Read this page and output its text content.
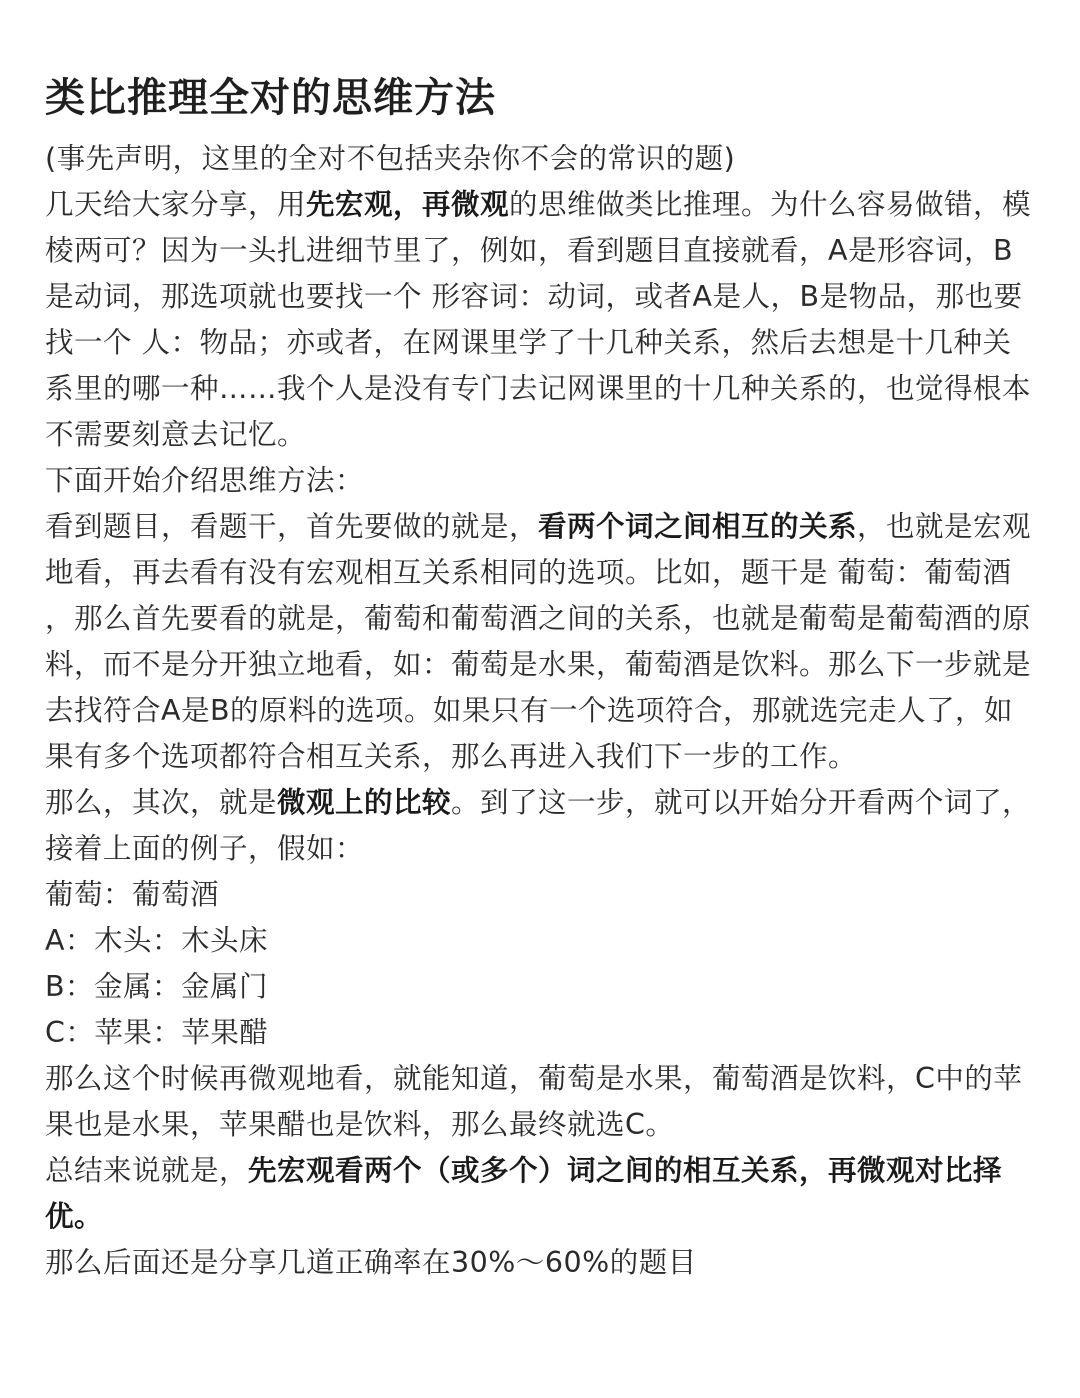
类比推理全对的思维方法

(事先声明，这里的全对不包括夹杂你不会的常识的题)

几天给大家分享，用先宏观，再微观的思维做类比推理。为什么容易做错，模棱两可？因为一头扎进细节里了，例如，看到题目直接就看，A是形容词，B是动词，那选项就也要找一个 形容词：动词，或者A是人，B是物品，那也要找一个 人：物品；亦或者，在网课里学了十几种关系，然后去想是十几种关系里的哪一种……我个人是没有专门去记网课里的十几种关系的，也觉得根本不需要刻意去记忆。

下面开始介绍思维方法：

看到题目，看题干，首先要做的就是，看两个词之间相互的关系，也就是宏观地看，再去看有没有宏观相互关系相同的选项。比如，题干是 葡萄：葡萄酒 ，那么首先要看的就是，葡萄和葡萄酒之间的关系，也就是葡萄是葡萄酒的原料，而不是分开独立地看，如：葡萄是水果，葡萄酒是饮料。那么下一步就是去找符合A是B的原料的选项。如果只有一个选项符合，那就选完走人了，如果有多个选项都符合相互关系，那么再进入我们下一步的工作。

那么，其次，就是微观上的比较。到了这一步，就可以开始分开看两个词了，接着上面的例子，假如：

葡萄：葡萄酒

A：木头：木头床

B：金属：金属门

C：苹果：苹果醋

那么这个时候再微观地看，就能知道，葡萄是水果，葡萄酒是饮料，C中的苹果也是水果，苹果醋也是饮料，那么最终就选C。

总结来说就是，先宏观看两个（或多个）词之间的相互关系，再微观对比择优。

那么后面还是分享几道正确率在30%～60%的题目
